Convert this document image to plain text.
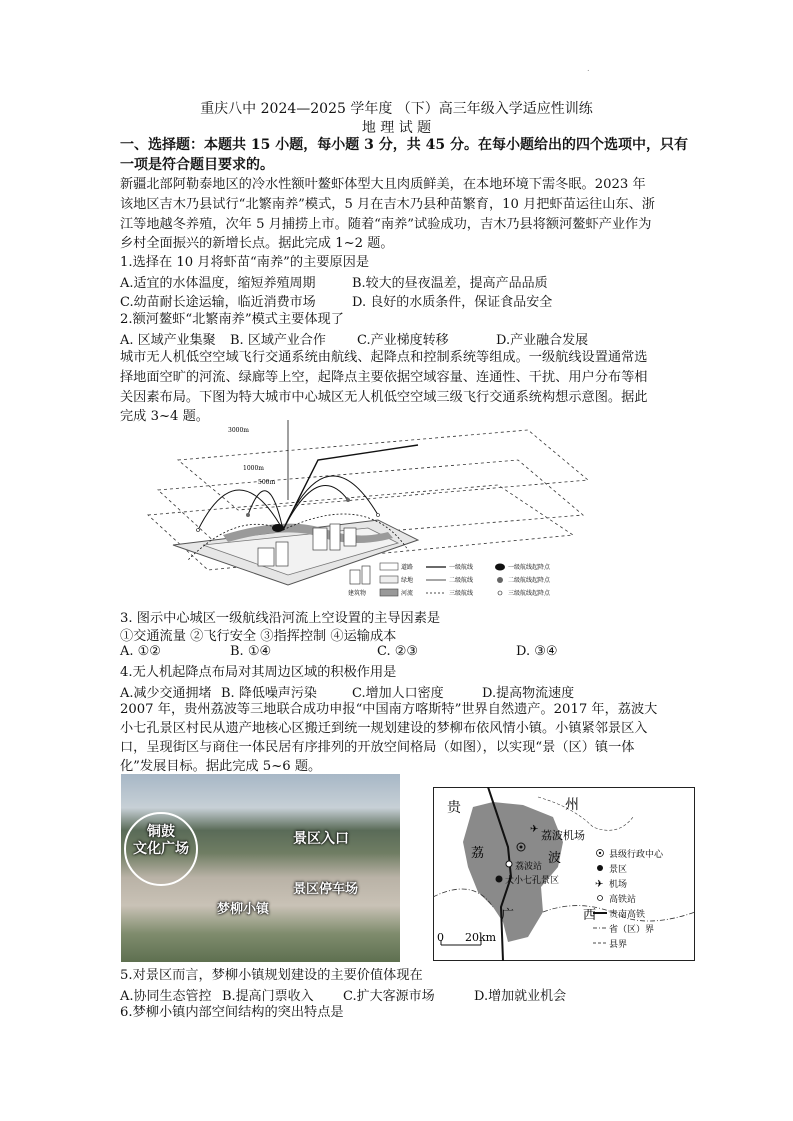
.
重庆八中 2024—2025 学年度 （下）高三年级入学适应性训练
地 理 试 题
一、选择题：本题共 15 小题，每小题 3 分，共 45 分。在每小题给出的四个选项中，只有
一项是符合题目要求的。
新疆北部阿勒泰地区的冷水性额叶鳌虾体型大且肉质鲜美，在本地环境下需冬眠。2023 年
该地区吉木乃县试行“北繁南养”模式，5 月在吉木乃县种苗繁育，10 月把虾苗运往山东、浙
江等地越冬养殖，次年 5 月捕捞上市。随着“南养”试验成功，吉木乃县将额河鳌虾产业作为
乡村全面振兴的新增长点。据此完成 1~2 题。
1.选择在 10 月将虾苗“南养”的主要原因是
A.适宜的水体温度，缩短养殖周期	B.较大的昼夜温差，提高产品品质
C.幼苗耐长途运输，临近消费市场	D. 良好的水质条件，保证食品安全
2.额河鳌虾“北繁南养”模式主要体现了
A. 区域产业集聚 B. 区域产业合作 C.产业梯度转移	D.产业融合发展
城市无人机低空空域飞行交通系统由航线、起降点和控制系统等组成。一级航线设置通常选
择地面空旷的河流、绿廊等上空，起降点主要依据空域容量、连通性、干扰、用户分布等相
关因素布局。下图为特大城市中心城区无人机低空空域三级飞行交通系统构想示意图。据此
完成 3~4 题。
3000m
1000m
500m
建筑物
道路
绿地
河流
一级航线
二级航线
三级航线
一级航线起降点
二级航线起降点
三级航线起降点
3. 图示中心城区一级航线沿河流上空设置的主导因素是
①交通流量 ②飞行安全 ③指挥控制 ④运输成本
A. ①②	B. ①④	C. ②③	D. ③④
4.无人机起降点布局对其周边区域的积极作用是
A.减少交通拥堵 B. 降低噪声污染	C.增加人口密度	D.提高物流速度
2007 年，贵州荔波等三地联合成功申报“中国南方喀斯特”世界自然遗产。2017 年，荔波大
小七孔景区村民从遗产地核心区搬迁到统一规划建设的梦柳布依风情小镇。小镇紧邻景区入
口，呈现街区与商住一体民居有序排列的开放空间格局（如图），以实现“景（区）镇一体
化”发展目标。据此完成 5~6 题。
铜鼓
文化广场
景区入口
景区停车场
梦柳小镇
✈
贵	州
荔波机场
荔	波
荔波站
大小七孔景区
广	西
0 20km
县级行政中心
景区
✈ 机场
高铁站
贵南高铁
省（区）界
县界
5.对景区而言，梦柳小镇规划建设的主要价值体现在
A.协同生态管控 B.提高门票收入 C.扩大客源市场	D.增加就业机会
6.梦柳小镇内部空间结构的突出特点是
